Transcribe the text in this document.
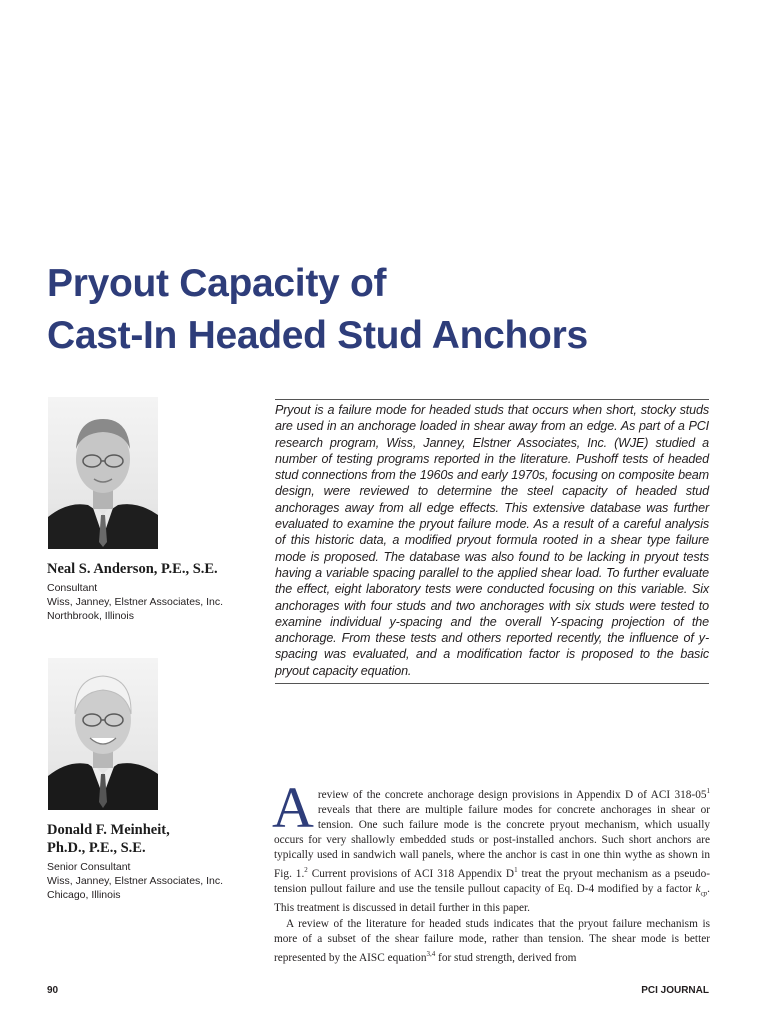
Pryout Capacity of
Cast-In Headed Stud Anchors
Neal S. Anderson, P.E., S.E.
Consultant
Wiss, Janney, Elstner Associates, Inc.
Northbrook, Illinois
Donald F. Meinheit,
Ph.D., P.E., S.E.
Senior Consultant
Wiss, Janney, Elstner Associates, Inc.
Chicago, Illinois

Pryout is a failure mode for headed studs that occurs when short, stocky studs are used in an anchorage loaded in shear away from an edge. As part of a PCI research program, Wiss, Janney, Elstner Associates, Inc. (WJE) studied a number of testing programs reported in the literature. Pushoff tests of headed stud connections from the 1960s and early 1970s, focusing on composite beam design, were reviewed to determine the steel capacity of headed stud anchorages away from all edge effects. This extensive database was further evaluated to examine the pryout failure mode. As a result of a careful analysis of this historic data, a modified pryout formula rooted in a shear type failure mode is proposed. The database was also found to be lacking in pryout tests having a variable spacing parallel to the applied shear load. To further evaluate the effect, eight laboratory tests were conducted focusing on this variable. Six anchorages with four studs and two anchorages with six studs were tested to examine individual y-spacing and the overall Y-spacing projection of the anchorage. From these tests and others reported recently, the influence of y-spacing was evaluated, and a modification factor is proposed to the basic pryout capacity equation.

A review of the concrete anchorage design provisions in Appendix D of ACI $318-05^1$ reveals that there are multiple failure modes for concrete anchorages in shear or tension. One such failure mode is the concrete pryout mechanism, which usually occurs for very shallowly embedded studs or post-installed anchors. Such short anchors are typically used in sandwich wall panels, where the anchor is cast in one thin wythe as shown in Fig. 1.$^2$ Current provisions of ACI 318 Appendix $D^1$ treat the pryout mechanism as a pseudo-tension pullout failure and use the tensile pullout capacity of Eq. D-4 modified by a factor $k_{cp}$. This treatment is discussed in detail further in this paper.

A review of the literature for headed studs indicates that the pryout failure mechanism is more of a subset of the shear failure mode, rather than tension. The shear mode is better represented by the AISC equation$^{3,4}$ for stud strength, derived from

90	PCI JOURNAL
